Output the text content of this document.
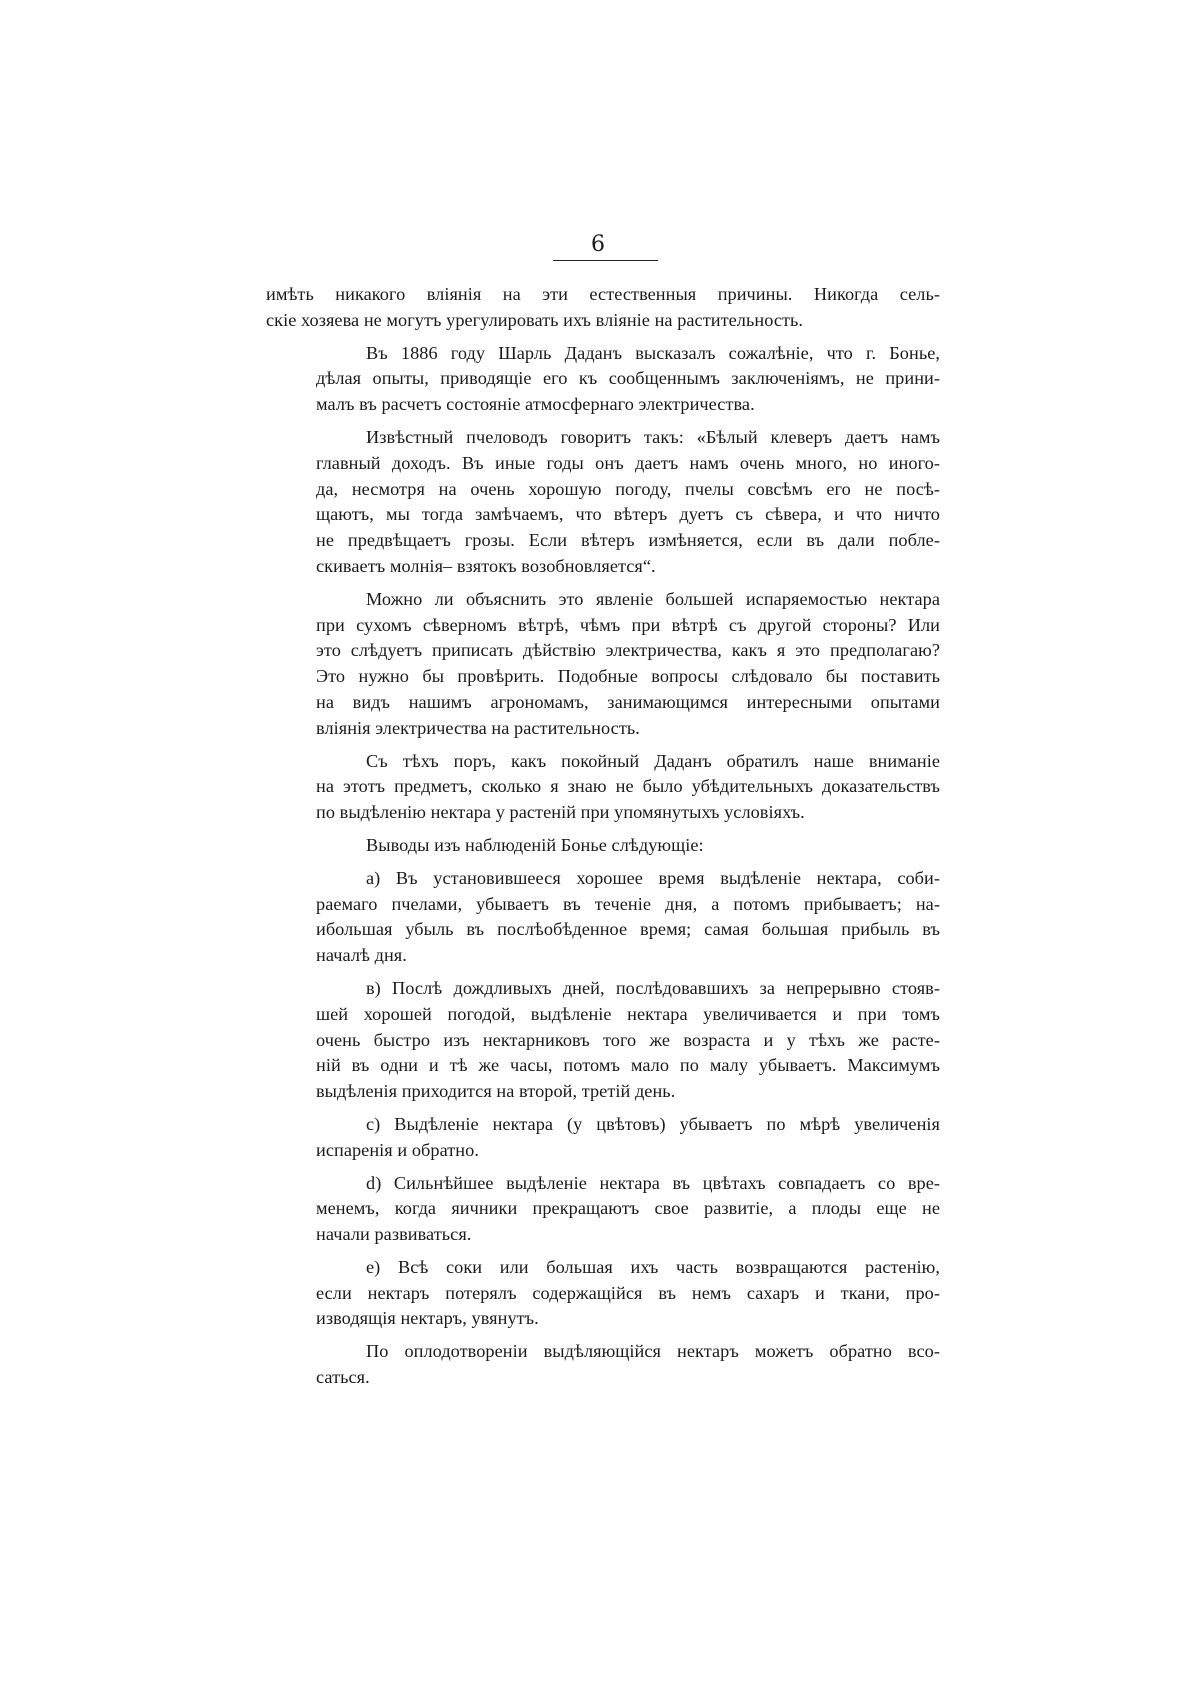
6

имѣть никакого вліянія на эти естественныя причины. Никогда сель-
скіе хозяева не могутъ урегулировать ихъ вліяніе на растительность.

Въ 1886 году Шарль Даданъ высказалъ сожалѣніе, что г. Бонье,
дѣлая опыты, приводящіе его къ сообщеннымъ заключеніямъ, не прини-
малъ въ расчетъ состояніе атмосфернаго электричества.

Извѣстный пчеловодъ говоритъ такъ: «Бѣлый клеверъ даетъ намъ
главный доходъ. Въ иные годы онъ даетъ намъ очень много, но иного-
да, несмотря на очень хорошую погоду, пчелы совсѣмъ его не посѣ-
щаютъ, мы тогда замѣчаемъ, что вѣтеръ дуетъ съ сѣвера, и что ничто
не предвѣщаетъ грозы. Если вѣтеръ измѣняется, если въ дали поблe-
скиваетъ молнія– взятокъ возобновляется“.

Можно ли объяснить это явленіе большей испаряемостью нектара
при сухомъ сѣверномъ вѣтрѣ, чѣмъ при вѣтрѣ съ другой стороны? Или
это слѣдуетъ приписать дѣйствію электричества, какъ я это предполагаю?
Это нужно бы провѣрить. Подобные вопросы слѣдовало бы поставить
на видъ нашимъ агрономамъ, занимающимся интересными опытами
вліянія электричества на растительность.

Съ тѣхъ поръ, какъ покойный Даданъ обратилъ наше вниманіе
на этотъ предметъ, сколько я знаю не было убѣдительныхъ доказательствъ
по выдѣленію нектара у растеній при упомянутыхъ условіяхъ.

Выводы изъ наблюденій Бонье слѣдующіе:

a) Въ установившееся хорошее время выдѣленіе нектара, соби-
раемаго пчелами, убываетъ въ теченіе дня, а потомъ прибываетъ; на-
ибольшая убыль въ послѣобѣденное время; самая большая прибыль въ
началѣ дня.

в) Послѣ дождливыхъ дней, послѣдовавшихъ за непрерывно стояв-
шей хорошей погодой, выдѣленіе нектара увеличивается и при томъ
очень быстро изъ нектарниковъ того же возраста и у тѣхъ же расте-
ній въ одни и тѣ же часы, потомъ мало по малу убываетъ. Максимумъ
выдѣленія приходится на второй, третій день.

c) Выдѣленіе нектара (у цвѣтовъ) убываетъ по мѣрѣ увеличенія
испаренія и обратно.

d) Сильнѣйшее выдѣленіе нектара въ цвѣтахъ совпадаетъ со вре-
менемъ, когда яичники прекращаютъ свое развитіе, а плоды еще не
начали развиваться.

e) Всѣ соки или большая ихъ часть возвращаются растенію,
если нектаръ потерялъ содержащійся въ немъ сахаръ и ткани, про-
изводящія нектаръ, увянутъ.

По оплодотвореніи выдѣляющійся нектаръ можетъ обратно всо-
саться.
